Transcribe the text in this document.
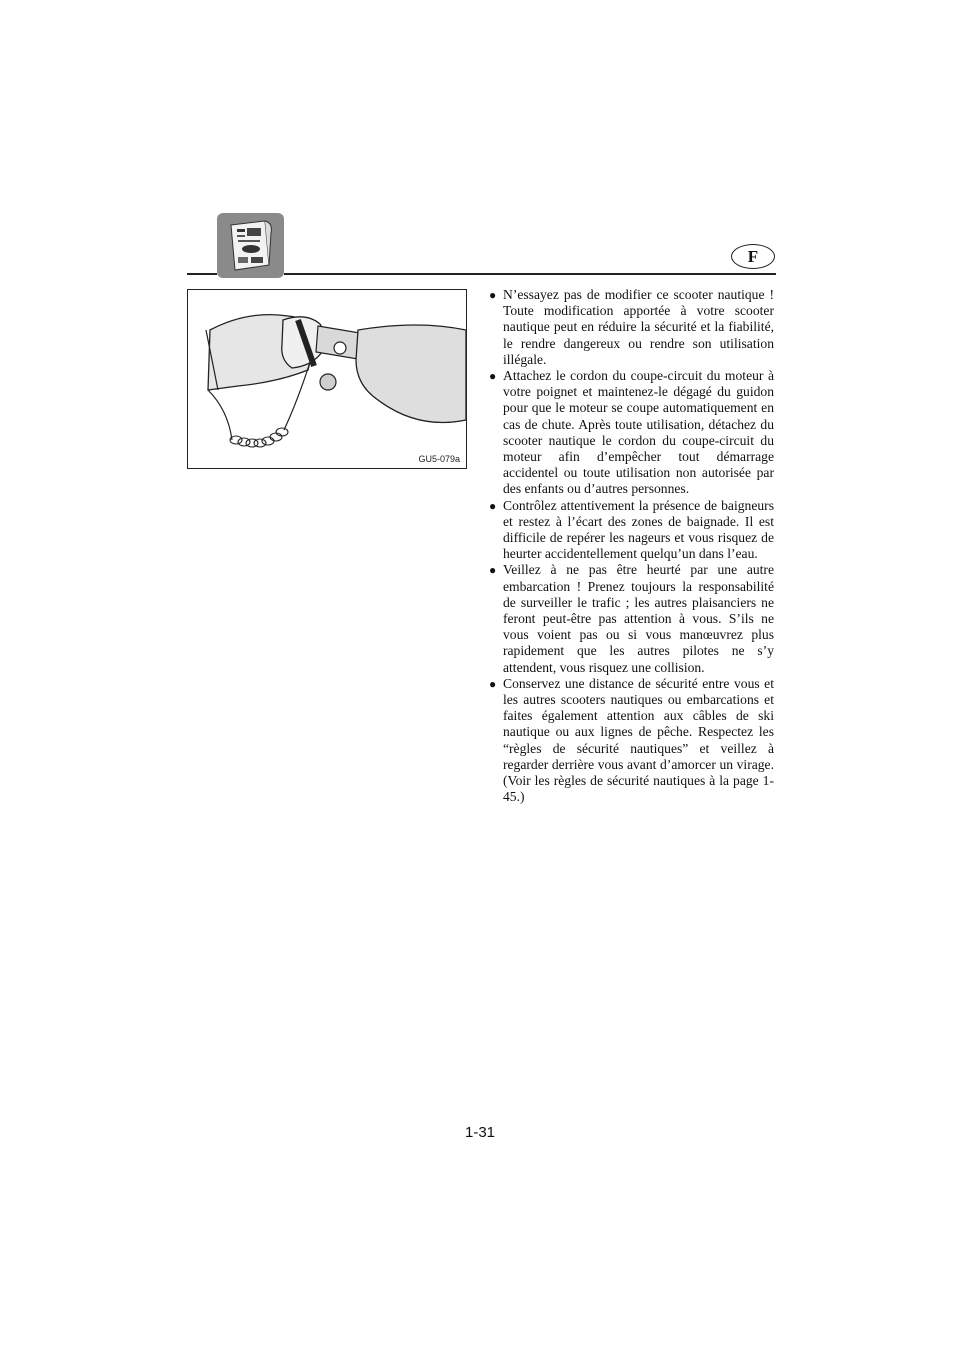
F
GU5-079a
● N’essayez pas de modifier ce scooter nautique ! Toute modification apportée à votre scooter nautique peut en réduire la sécurité et la fiabilité, le rendre dangereux ou rendre son utilisation illégale.
● Attachez le cordon du coupe-circuit du moteur à votre poignet et maintenez-le dégagé du guidon pour que le moteur se coupe automatiquement en cas de chute. Après toute utilisation, détachez du scooter nautique le cordon du coupe-circuit du moteur afin d’empêcher tout démarrage accidentel ou toute utilisation non autorisée par des enfants ou d’autres personnes.
● Contrôlez attentivement la présence de baigneurs et restez à l’écart des zones de baignade. Il est difficile de repérer les nageurs et vous risquez de heurter accidentellement quelqu’un dans l’eau.
● Veillez à ne pas être heurté par une autre embarcation ! Prenez toujours la responsabilité de surveiller le trafic ; les autres plaisanciers ne feront peut-être pas attention à vous. S’ils ne vous voient pas ou si vous manœuvrez plus rapidement que les autres pilotes ne s’y attendent, vous risquez une collision.
● Conservez une distance de sécurité entre vous et les autres scooters nautiques ou embarcations et faites également attention aux câbles de ski nautique ou aux lignes de pêche. Respectez les “règles de sécurité nautiques” et veillez à regarder derrière vous avant d’amorcer un virage. (Voir les règles de sécurité nautiques à la page 1-45.)
1-31
